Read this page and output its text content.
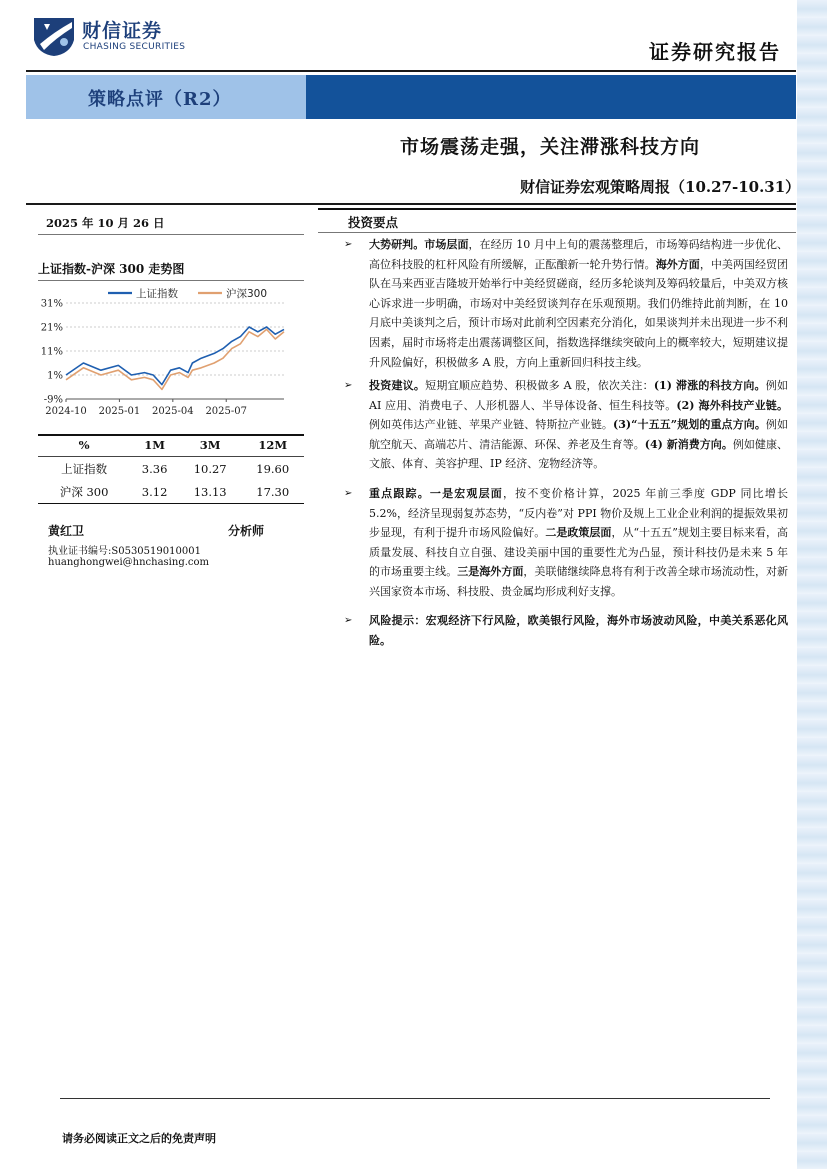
财信证券
CHASING SECURITIES	证券研究报告
策略点评（R2）
市场震荡走强，关注滞涨科技方向
财信证券宏观策略周报（10.27-10.31）
2025 年 10 月 26 日
上证指数-沪深 300 走势图
31%
21%
11%
1%
-9%
2024-10 2025-01 2025-04 2025-07
上证指数	沪深300
%	1M	3M	12M
上证指数	3.36	10.27	19.60
沪深 300	3.12	13.13	17.30
黄红卫	分析师
执业证书编号:S0530519010001
huanghongwei@hnchasing.com
投资要点
➢ 大势研判。市场层面，在经历 10 月中上旬的震荡整理后，市场筹码结构进一步优化、高位科技股的杠杆风险有所缓解，正酝酿新一轮升势行情。海外方面，中美两国经贸团队在马来西亚吉隆坡开始举行中美经贸磋商，经历多轮谈判及筹码较量后，中美双方核心诉求进一步明确，市场对中美经贸谈判存在乐观预期。我们仍维持此前判断，在 10 月底中美谈判之后，预计市场对此前利空因素充分消化，如果谈判并未出现进一步不利因素，届时市场将走出震荡调整区间，指数选择继续突破向上的概率较大，短期建议提升风险偏好，积极做多 A 股，方向上重新回归科技主线。

➢ 投资建议。短期宜顺应趋势、积极做多 A 股，依次关注：(1) 滞涨的科技方向。例如 AI 应用、消费电子、人形机器人、半导体设备、恒生科技等。(2) 海外科技产业链。例如英伟达产业链、苹果产业链、特斯拉产业链。(3)“十五五”规划的重点方向。例如航空航天、高端芯片、清洁能源、环保、养老及生育等。(4) 新消费方向。例如健康、文旅、体育、美容护理、IP 经济、宠物经济等。

➢ 重点跟踪。一是宏观层面，按不变价格计算，2025 年前三季度 GDP 同比增长 5.2%，经济呈现弱复苏态势，“反内卷”对 PPI 物价及规上工业企业利润的提振效果初步显现，有利于提升市场风险偏好。二是政策层面，从“十五五”规划主要目标来看，高质量发展、科技自立自强、建设美丽中国的重要性尤为凸显，预计科技仍是未来 5 年的市场重要主线。三是海外方面，美联储继续降息将有利于改善全球市场流动性，对新兴国家资本市场、科技股、贵金属均形成利好支撑。

➢ 风险提示：宏观经济下行风险，欧美银行风险，海外市场波动风险，中美关系恶化风险。

请务必阅读正文之后的免责声明
